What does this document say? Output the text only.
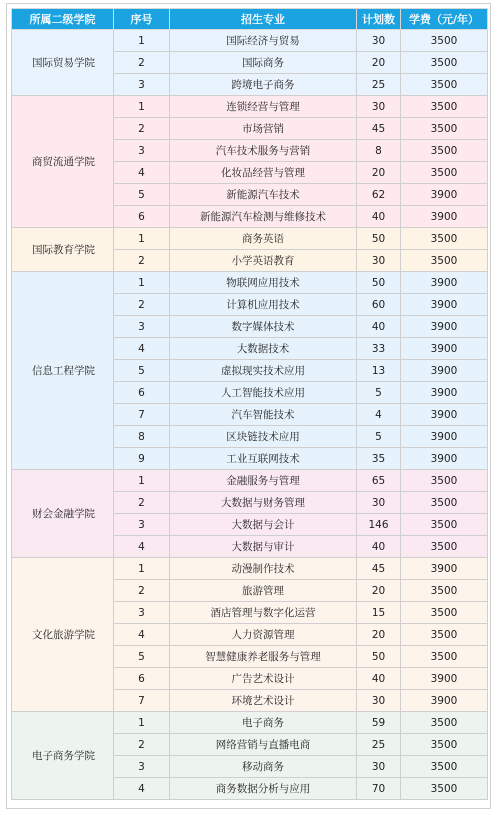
所属二级学院	序号	招生专业	计划数	学费（元/年）
国际贸易学院	1	国际经济与贸易	30	3500
	2	国际商务	20	3500
	3	跨境电子商务	25	3500
商贸流通学院	1	连锁经营与管理	30	3500
	2	市场营销	45	3500
	3	汽车技术服务与营销	8	3500
	4	化妆品经营与管理	20	3500
	5	新能源汽车技术	62	3900
	6	新能源汽车检测与维修技术	40	3900
国际教育学院	1	商务英语	50	3500
	2	小学英语教育	30	3500
信息工程学院	1	物联网应用技术	50	3900
	2	计算机应用技术	60	3900
	3	数字媒体技术	40	3900
	4	大数据技术	33	3900
	5	虚拟现实技术应用	13	3900
	6	人工智能技术应用	5	3900
	7	汽车智能技术	4	3900
	8	区块链技术应用	5	3900
	9	工业互联网技术	35	3900
财会金融学院	1	金融服务与管理	65	3500
	2	大数据与财务管理	30	3500
	3	大数据与会计	146	3500
	4	大数据与审计	40	3500
文化旅游学院	1	动漫制作技术	45	3900
	2	旅游管理	20	3500
	3	酒店管理与数字化运营	15	3500
	4	人力资源管理	20	3500
	5	智慧健康养老服务与管理	50	3500
	6	广告艺术设计	40	3900
	7	环境艺术设计	30	3900
电子商务学院	1	电子商务	59	3500
	2	网络营销与直播电商	25	3500
	3	移动商务	30	3500
	4	商务数据分析与应用	70	3500
